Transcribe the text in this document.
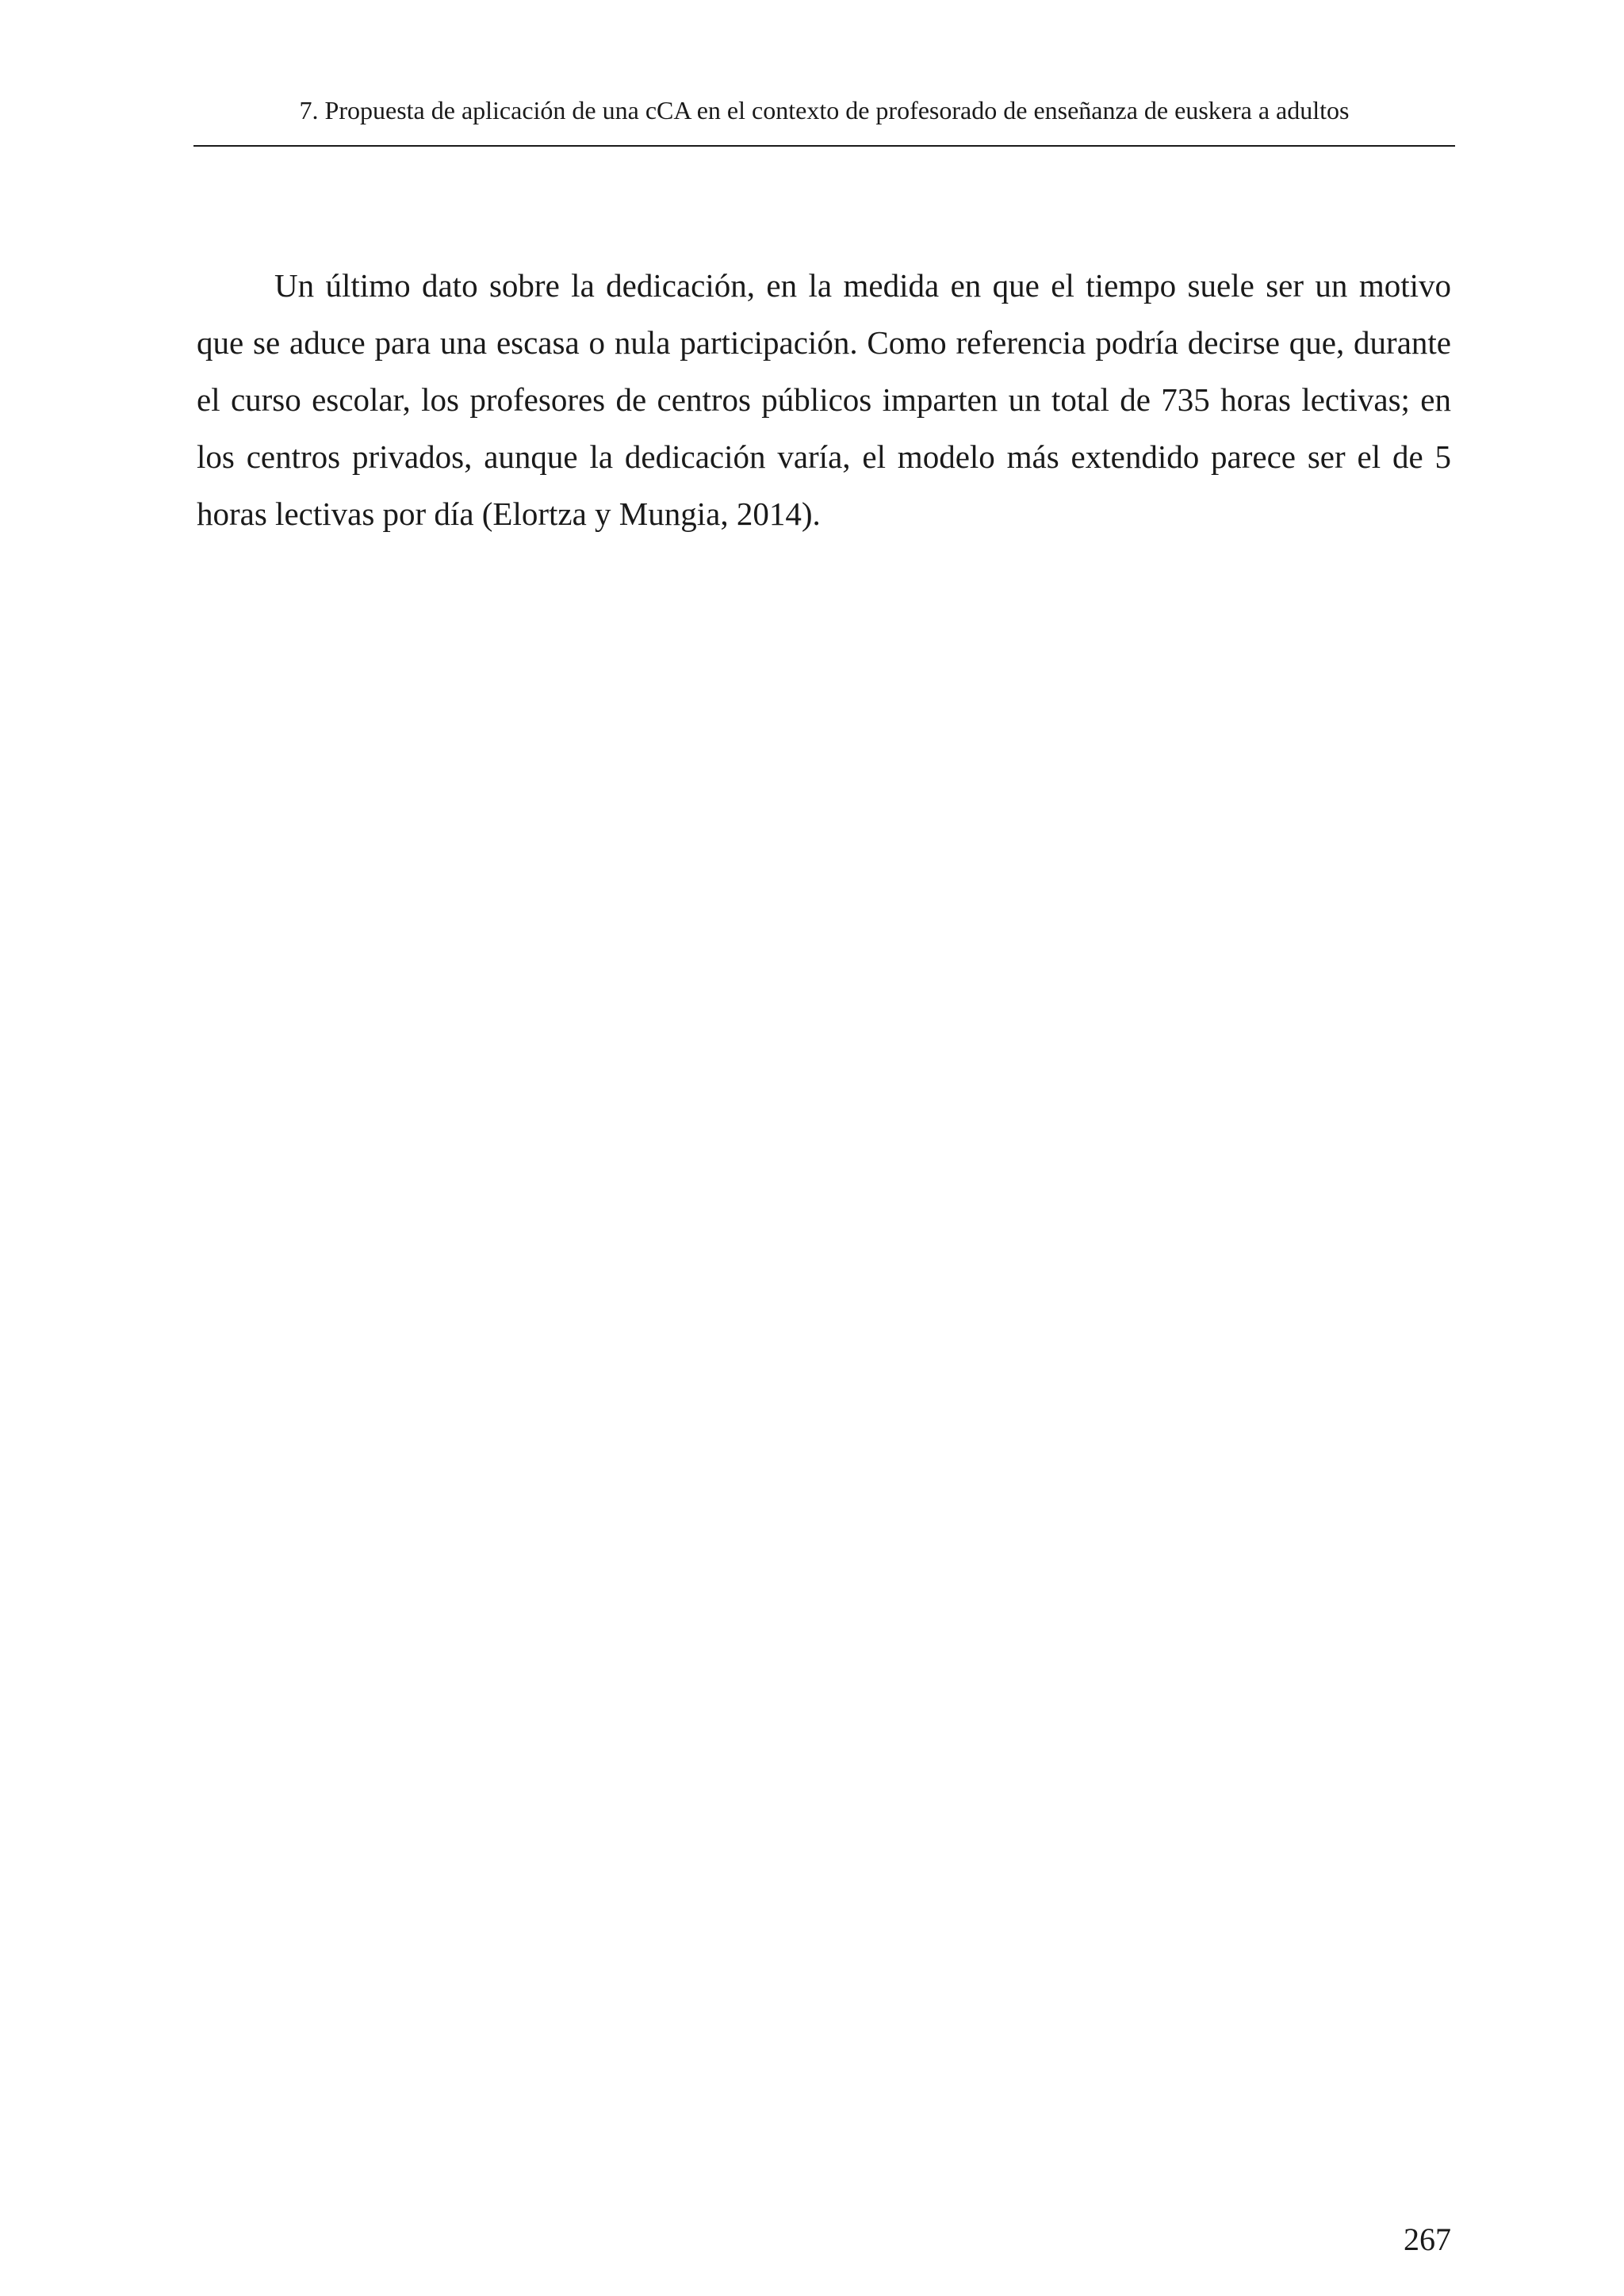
7. Propuesta de aplicación de una cCA en el contexto de profesorado de enseñanza de euskera a adultos

Un último dato sobre la dedicación, en la medida en que el tiempo suele ser un motivo que se aduce para una escasa o nula participación. Como referencia podría decirse que, durante el curso escolar, los profesores de centros públicos imparten un total de 735 horas lectivas; en los centros privados, aunque la dedicación varía, el modelo más extendido parece ser el de 5 horas lectivas por día (Elortza y Mungia, 2014).

267
